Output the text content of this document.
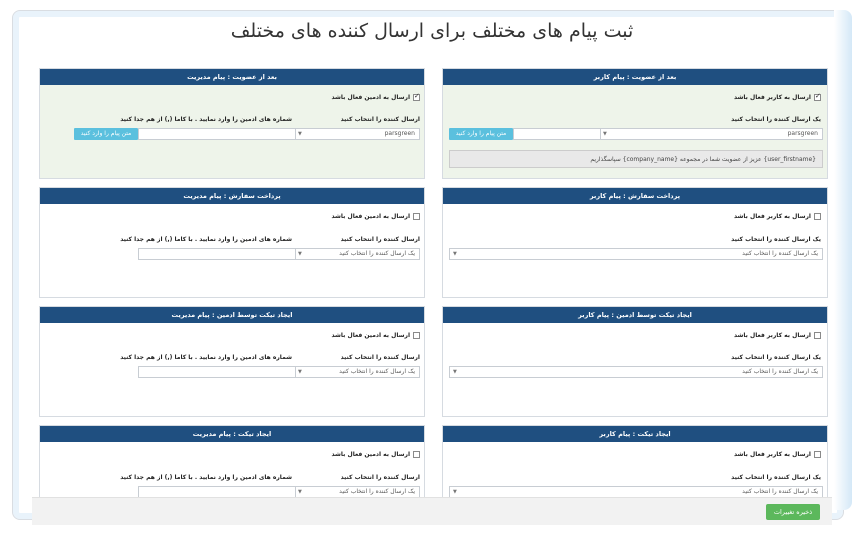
ثبت پیام های مختلف برای ارسال کننده های مختلف
بعد از عضویت : پیام کاربر
✓ارسال به کاربر فعال باشد
یک ارسال کننده را انتخاب کنید
parsgreen
▼
متن پیام را وارد کنید
{user_firstname} عزیز از عضویت شما در مجموعه {company_name} سپاسگذاریم
بعد از عضویت : پیام مدیریت
✓ارسال به ادمین فعال باشد
ارسال کننده را انتخاب کنید
شماره های ادمین را وارد نمایید . با کاما (,) از هم جدا کنید
parsgreen
▼
متن پیام را وارد کنید
پرداخت سفارش : پیام کاربر
ارسال به کاربر فعال باشد
یک ارسال کننده را انتخاب کنید
یک ارسال کننده را انتخاب کنید
▼
پرداخت سفارش : پیام مدیریت
ارسال به ادمین فعال باشد
ارسال کننده را انتخاب کنید
شماره های ادمین را وارد نمایید . با کاما (,) از هم جدا کنید
یک ارسال کننده را انتخاب کنید
▼
ایجاد تیکت توسط ادمین : پیام کاربر
ارسال به کاربر فعال باشد
یک ارسال کننده را انتخاب کنید
یک ارسال کننده را انتخاب کنید
▼
ایجاد تیکت توسط ادمین : پیام مدیریت
ارسال به ادمین فعال باشد
ارسال کننده را انتخاب کنید
شماره های ادمین را وارد نمایید . با کاما (,) از هم جدا کنید
یک ارسال کننده را انتخاب کنید
▼
ایجاد تیکت : پیام کاربر
ارسال به کاربر فعال باشد
یک ارسال کننده را انتخاب کنید
یک ارسال کننده را انتخاب کنید
▼
ایجاد تیکت : پیام مدیریت
ارسال به ادمین فعال باشد
ارسال کننده را انتخاب کنید
شماره های ادمین را وارد نمایید . با کاما (,) از هم جدا کنید
یک ارسال کننده را انتخاب کنید
▼
ذخیره تغییرات
